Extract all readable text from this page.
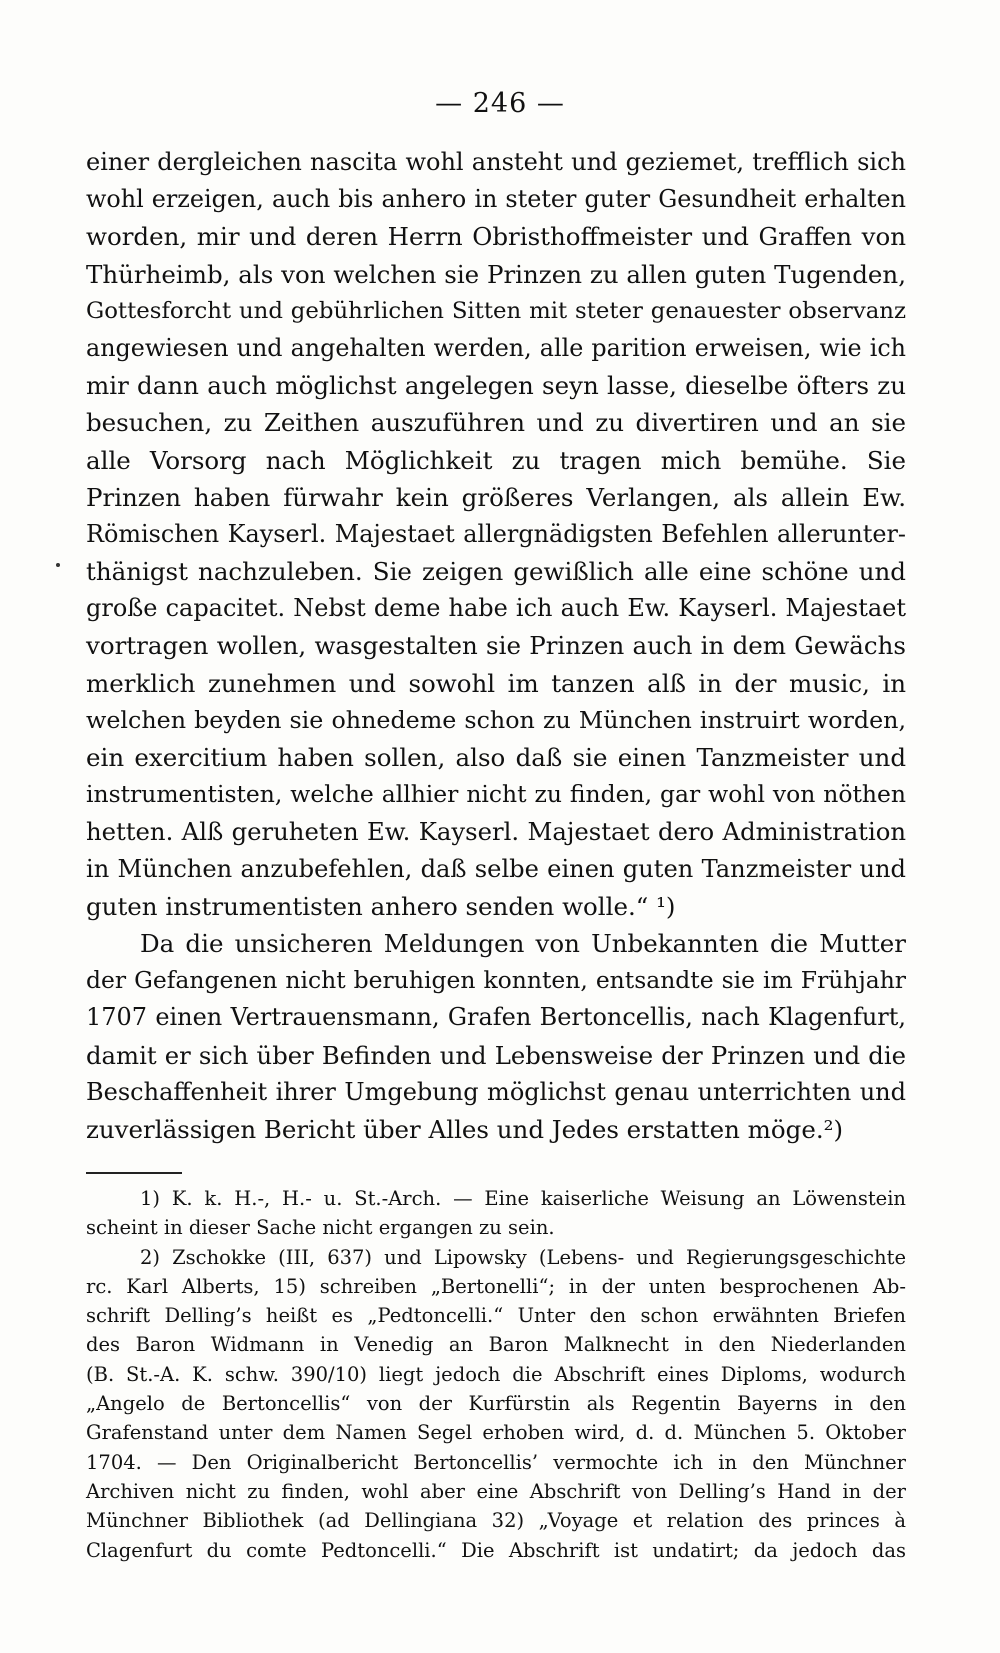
— 246 —
einer dergleichen nascita wohl ansteht und geziemet, trefflich sich
wohl erzeigen, auch bis anhero in steter guter Gesundheit erhalten
worden, mir und deren Herrn Obristhoffmeister und Graffen von
Thürheimb, als von welchen sie Prinzen zu allen guten Tugenden,
Gottesforcht und gebührlichen Sitten mit steter genauester observanz
angewiesen und angehalten werden, alle parition erweisen, wie ich
mir dann auch möglichst angelegen seyn lasse, dieselbe öfters zu
besuchen, zu Zeithen auszuführen und zu divertiren und an sie
alle Vorsorg nach Möglichkeit zu tragen mich bemühe. Sie
Prinzen haben fürwahr kein größeres Verlangen, als allein Ew.
Römischen Kayserl. Majestaet allergnädigsten Befehlen allerunter-
thänigst nachzuleben. Sie zeigen gewißlich alle eine schöne und
große capacitet. Nebst deme habe ich auch Ew. Kayserl. Majestaet
vortragen wollen, wasgestalten sie Prinzen auch in dem Gewächs
merklich zunehmen und sowohl im tanzen alß in der music, in
welchen beyden sie ohnedeme schon zu München instruirt worden,
ein exercitium haben sollen, also daß sie einen Tanzmeister und
instrumentisten, welche allhier nicht zu finden, gar wohl von nöthen
hetten. Alß geruheten Ew. Kayserl. Majestaet dero Administration
in München anzubefehlen, daß selbe einen guten Tanzmeister und
guten instrumentisten anhero senden wolle.“ ¹)
Da die unsicheren Meldungen von Unbekannten die Mutter
der Gefangenen nicht beruhigen konnten, entsandte sie im Frühjahr
1707 einen Vertrauensmann, Grafen Bertoncellis, nach Klagenfurt,
damit er sich über Befinden und Lebensweise der Prinzen und die
Beschaffenheit ihrer Umgebung möglichst genau unterrichten und
zuverlässigen Bericht über Alles und Jedes erstatten möge.²)
1) K. k. H.-, H.- u. St.-Arch. — Eine kaiserliche Weisung an Löwenstein
scheint in dieser Sache nicht ergangen zu sein.
2) Zschokke (III, 637) und Lipowsky (Lebens- und Regierungsgeschichte
rc. Karl Alberts, 15) schreiben „Bertonelli“; in der unten besprochenen Ab-
schrift Delling’s heißt es „Pedtoncelli.“ Unter den schon erwähnten Briefen
des Baron Widmann in Venedig an Baron Malknecht in den Niederlanden
(B. St.-A. K. schw. 390/10) liegt jedoch die Abschrift eines Diploms, wodurch
„Angelo de Bertoncellis“ von der Kurfürstin als Regentin Bayerns in den
Grafenstand unter dem Namen Segel erhoben wird, d. d. München 5. Oktober
1704. — Den Originalbericht Bertoncellis’ vermochte ich in den Münchner
Archiven nicht zu finden, wohl aber eine Abschrift von Delling’s Hand in der
Münchner Bibliothek (ad Dellingiana 32) „Voyage et relation des princes à
Clagenfurt du comte Pedtoncelli.“ Die Abschrift ist undatirt; da jedoch das
